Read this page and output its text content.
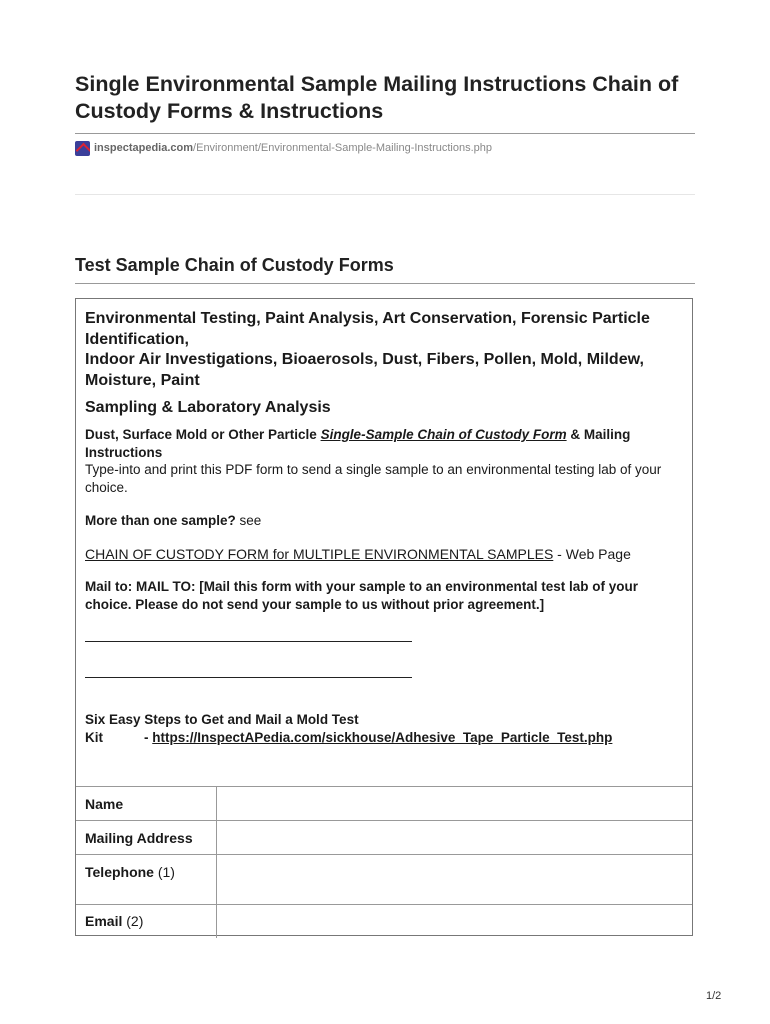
Single Environmental Sample Mailing Instructions Chain of Custody Forms & Instructions
inspectapedia.com /Environment/Environmental-Sample-Mailing-Instructions.php
Test Sample Chain of Custody Forms

Environmental Testing, Paint Analysis, Art Conservation, Forensic Particle Identification,

Indoor Air Investigations, Bioaerosols, Dust, Fibers, Pollen, Mold, Mildew, Moisture, Paint

Sampling & Laboratory Analysis

Dust, Surface Mold or Other Particle Single-Sample Chain of Custody Form & Mailing Instructions

Type-into and print this PDF form to send a single sample to an environmental testing lab of your choice.

More than one sample? see

CHAIN OF CUSTODY FORM for MULTIPLE ENVIRONMENTAL SAMPLES - Web Page

Mail to: MAIL TO: [Mail this form with your sample to an environmental test lab of your choice. Please do not send your sample to us without prior agreement.]

Six Easy Steps to Get and Mail a Mold Test

Kit	- https://InspectAPedia.com/sickhouse/Adhesive_Tape_Particle_Test.php

Name	
Mailing Address	
Telephone (1)	
Email (2)	
1/2
